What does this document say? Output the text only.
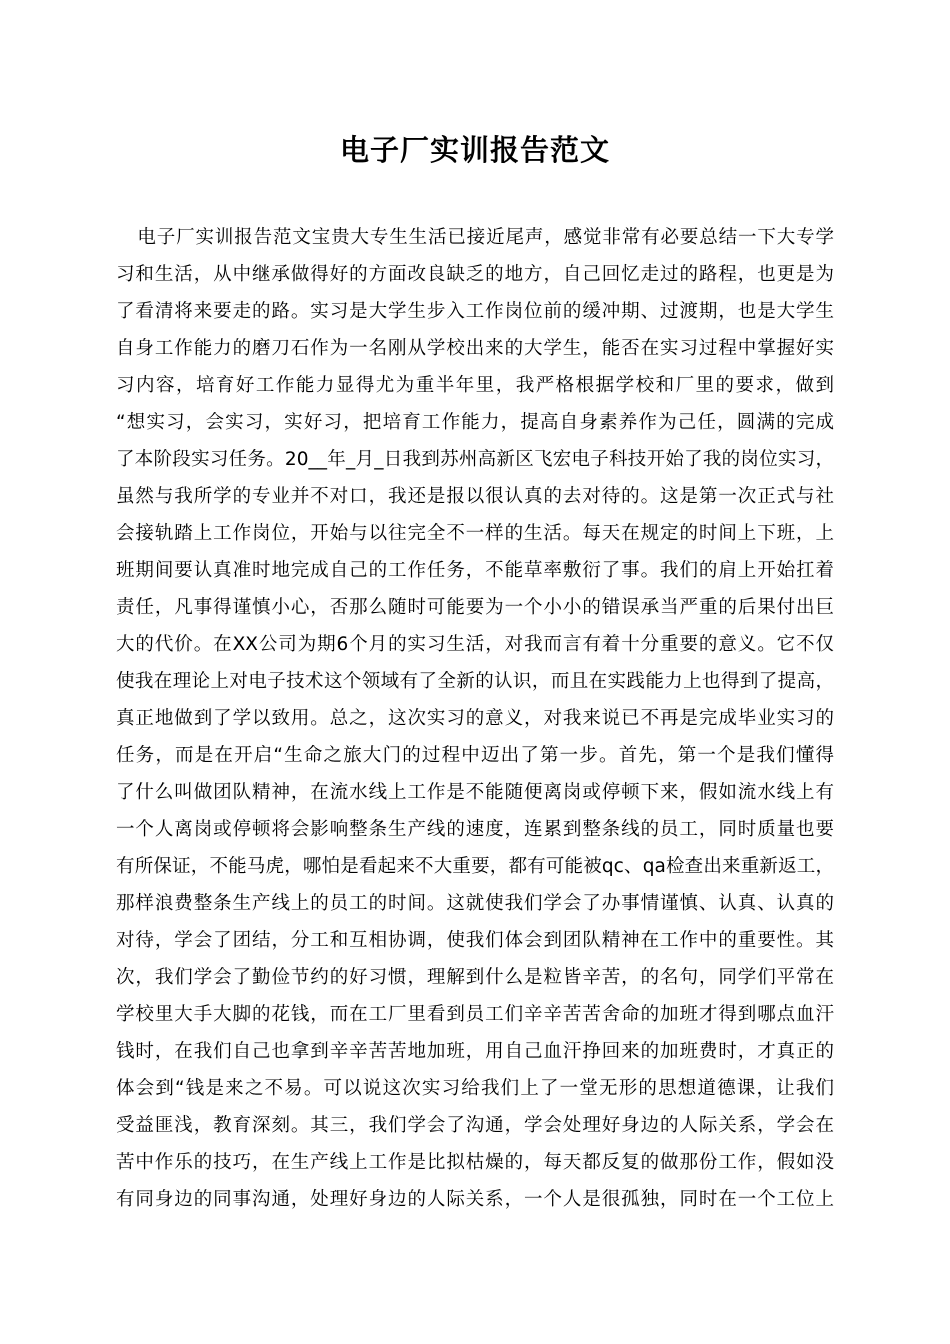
电子厂实训报告范文
　电子厂实训报告范文宝贵大专生生活已接近尾声，感觉非常有必要总结一下大专学
习和生活，从中继承做得好的方面改良缺乏的地方，自己回忆走过的路程，也更是为
了看清将来要走的路。实习是大学生步入工作岗位前的缓冲期、过渡期，也是大学生
自身工作能力的磨刀石作为一名刚从学校出来的大学生，能否在实习过程中掌握好实
习内容，培育好工作能力显得尤为重半年里，我严格根据学校和厂里的要求，做到
“想实习，会实习，实好习，把培育工作能力，提高自身素养作为己任，圆满的完成
了本阶段实习任务。20__年_月_日我到苏州高新区飞宏电子科技开始了我的岗位实习，
虽然与我所学的专业并不对口，我还是报以很认真的去对待的。这是第一次正式与社
会接轨踏上工作岗位，开始与以往完全不一样的生活。每天在规定的时间上下班，上
班期间要认真准时地完成自己的工作任务，不能草率敷衍了事。我们的肩上开始扛着
责任，凡事得谨慎小心，否那么随时可能要为一个小小的错误承当严重的后果付出巨
大的代价。在XX公司为期6个月的实习生活，对我而言有着十分重要的意义。它不仅
使我在理论上对电子技术这个领域有了全新的认识，而且在实践能力上也得到了提高，
真正地做到了学以致用。总之，这次实习的意义，对我来说已不再是完成毕业实习的
任务，而是在开启“生命之旅大门的过程中迈出了第一步。首先，第一个是我们懂得
了什么叫做团队精神，在流水线上工作是不能随便离岗或停顿下来，假如流水线上有
一个人离岗或停顿将会影响整条生产线的速度，连累到整条线的员工，同时质量也要
有所保证，不能马虎，哪怕是看起来不大重要，都有可能被qc、qa检查出来重新返工，
那样浪费整条生产线上的员工的时间。这就使我们学会了办事情谨慎、认真、认真的
对待，学会了团结，分工和互相协调，使我们体会到团队精神在工作中的重要性。其
次，我们学会了勤俭节约的好习惯，理解到什么是粒皆辛苦，的名句，同学们平常在
学校里大手大脚的花钱，而在工厂里看到员工们辛辛苦苦舍命的加班才得到哪点血汗
钱时，在我们自己也拿到辛辛苦苦地加班，用自己血汗挣回来的加班费时，才真正的
体会到“钱是来之不易。可以说这次实习给我们上了一堂无形的思想道德课，让我们
受益匪浅，教育深刻。其三，我们学会了沟通，学会处理好身边的人际关系，学会在
苦中作乐的技巧，在生产线上工作是比拟枯燥的，每天都反复的做那份工作，假如没
有同身边的同事沟通，处理好身边的人际关系，一个人是很孤独，同时在一个工位上
